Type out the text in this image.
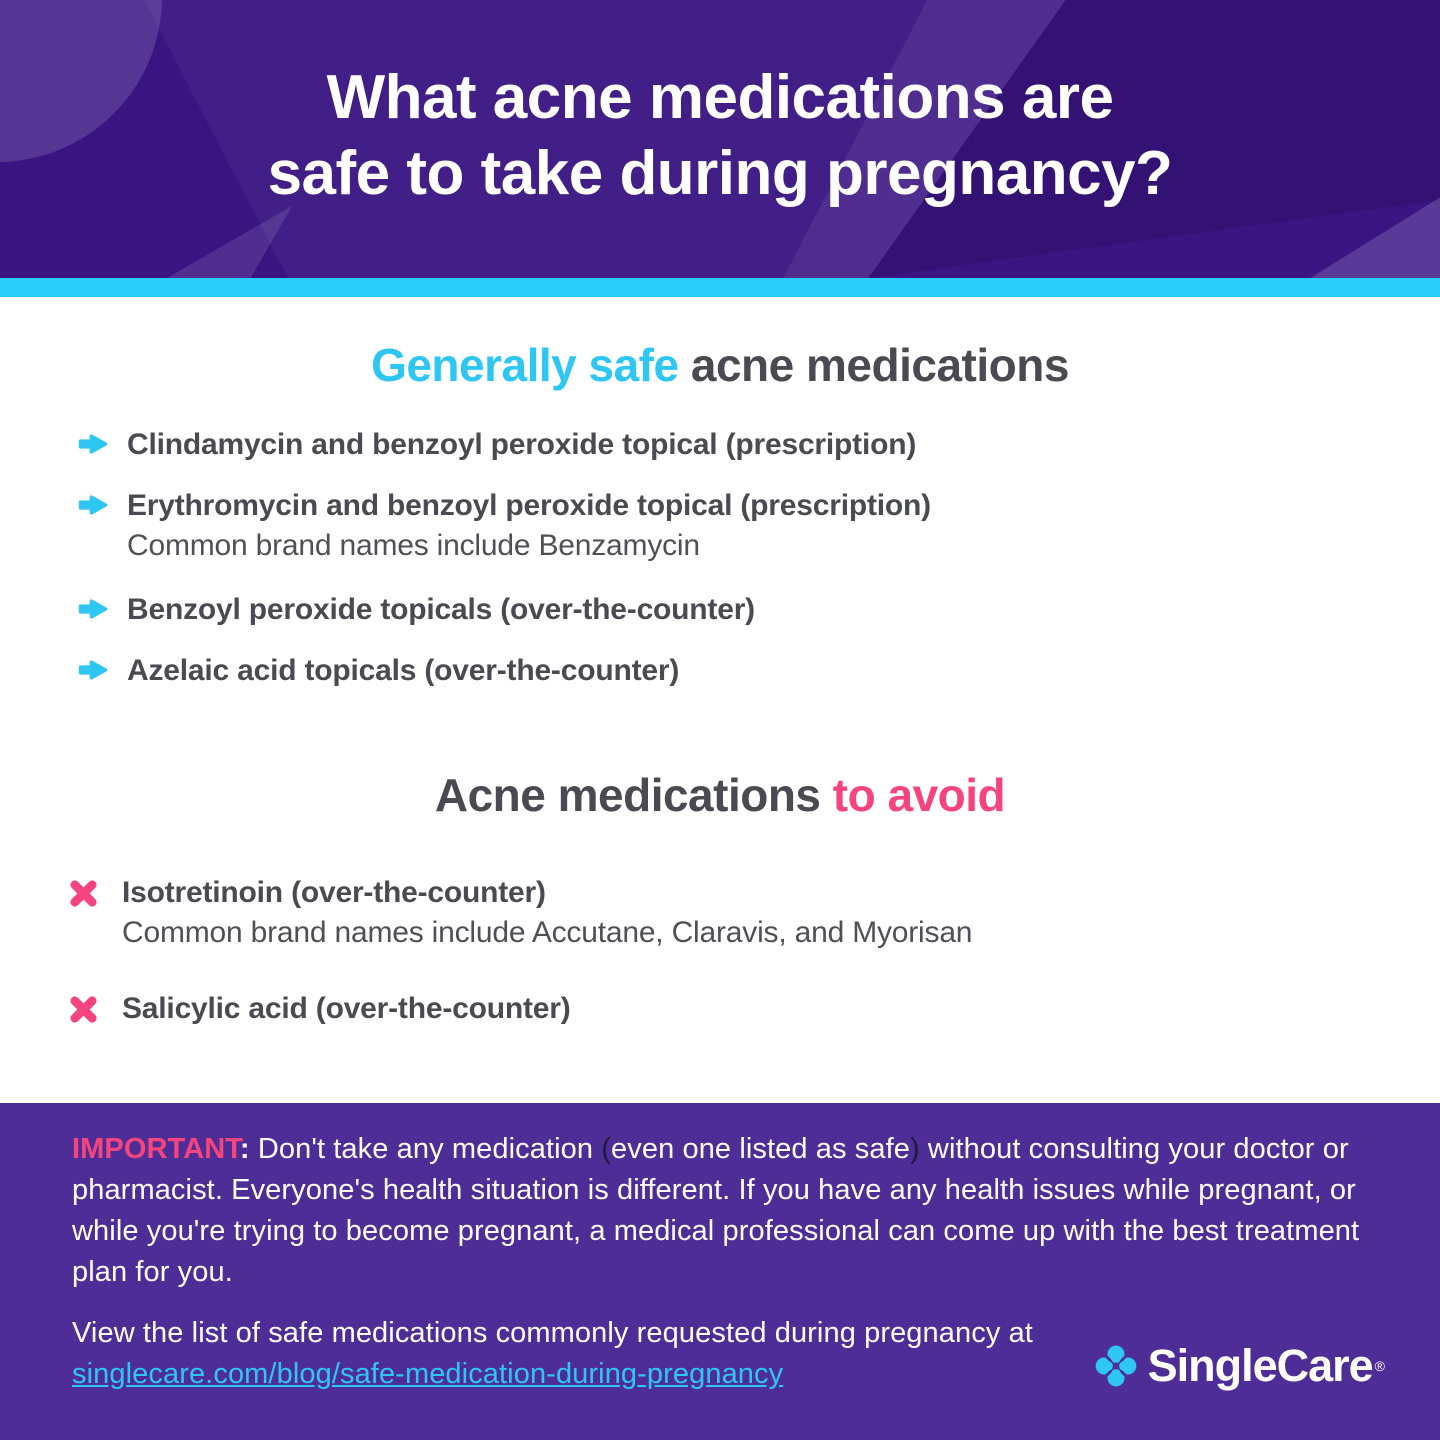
What acne medications are
safe to take during pregnancy?
Generally safe acne medications
Clindamycin and benzoyl peroxide topical (prescription)
Erythromycin and benzoyl peroxide topical (prescription)
Common brand names include Benzamycin
Benzoyl peroxide topicals (over-the-counter)
Azelaic acid topicals (over-the-counter)
Acne medications to avoid
Isotretinoin (over-the-counter)
Common brand names include Accutane, Claravis, and Myorisan
Salicylic acid (over-the-counter)

IMPORTANT: Don't take any medication (even one listed as safe) without consulting your doctor or pharmacist. Everyone's health situation is different. If you have any health issues while pregnant, or while you're trying to become pregnant, a medical professional can come up with the best treatment plan for you.

View the list of safe medications commonly requested during pregnancy at singlecare.com/blog/safe-medication-during-pregnancy	SingleCare ®
